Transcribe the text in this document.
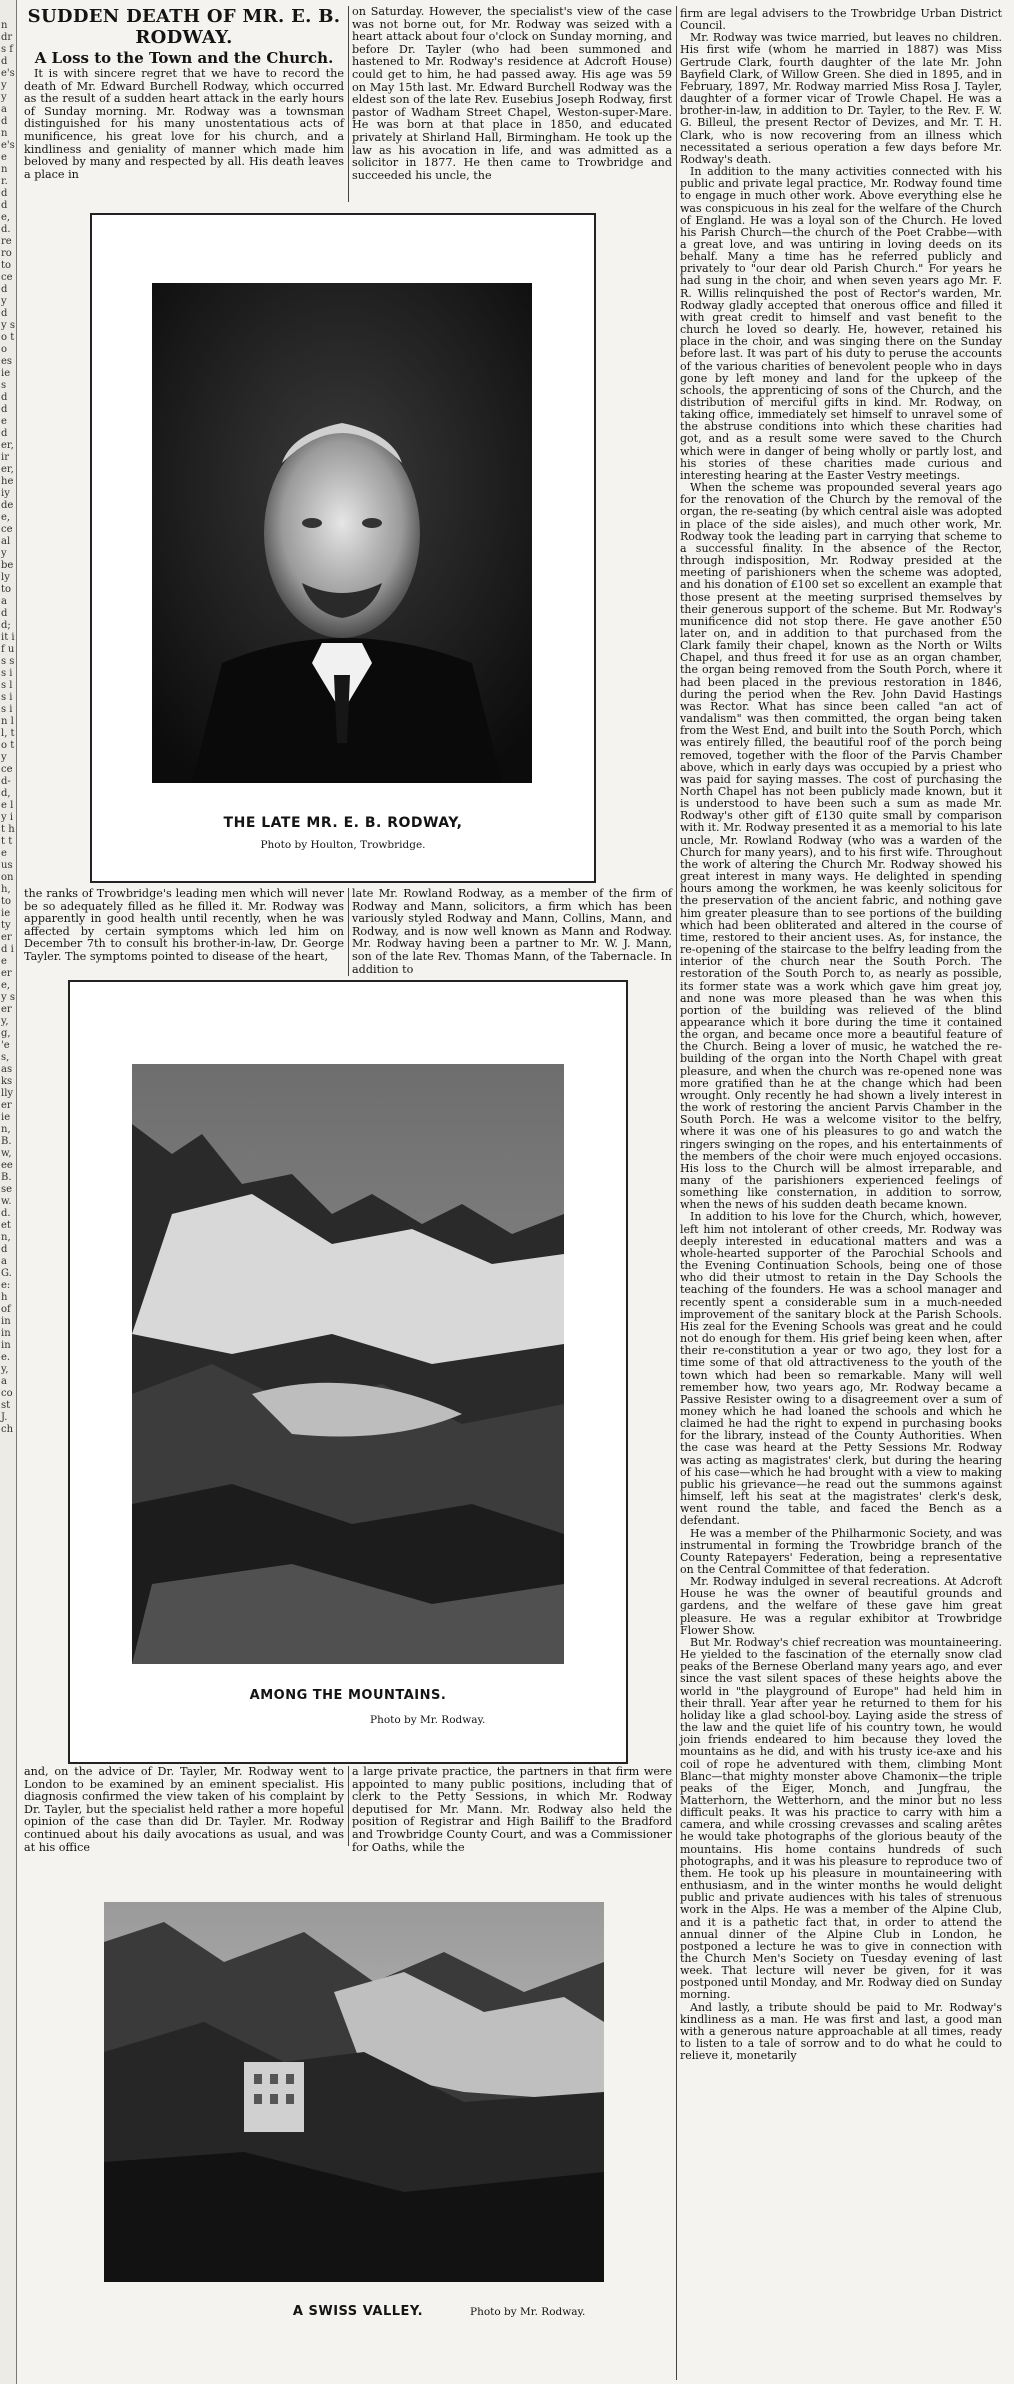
n dr s f d e's y y a d n e's e n r. d d e, d. re ro to ce d y d y so to es ie s d d e d er, ir er, he iy de e, ce al y be ly to a d d; it if us ss is ls is in ll, to ty ce d- d, e ly it ht te us on h, to ie ty er d ie er e, y s er y, g, 'e s, as ks lly er ie n, B. w, ee B. se w. d. et n, d a G. e: h of in in in e. y, a cost J. ch

SUDDEN DEATH OF MR. E. B. RODWAY.

A Loss to the Town and the Church.

It is with sincere regret that we have to record the death of Mr. Edward Burchell Rodway, which occurred as the result of a sudden heart attack in the early hours of Sunday morning. Mr. Rodway was a townsman distinguished for his many unostentatious acts of munificence, his great love for his church, and a kindliness and geniality of manner which made him beloved by many and respected by all. His death leaves a place in

on Saturday. However, the specialist's view of the case was not borne out, for Mr. Rodway was seized with a heart attack about four o'clock on Sunday morning, and before Dr. Tayler (who had been summoned and hastened to Mr. Rodway's residence at Adcroft House) could get to him, he had passed away. His age was 59 on May 15th last. Mr. Edward Burchell Rodway was the eldest son of the late Rev. Eusebius Joseph Rodway, first pastor of Wadham Street Chapel, Weston-super-Mare. He was born at that place in 1850, and educated privately at Shirland Hall, Birmingham. He took up the law as his avocation in life, and was admitted as a solicitor in 1877. He then came to Trowbridge and succeeded his uncle, the

THE LATE MR. E. B. RODWAY,
Photo by Houlton, Trowbridge.

the ranks of Trowbridge's leading men which will never be so adequately filled as he filled it. Mr. Rodway was apparently in good health until recently, when he was affected by certain symptoms which led him on December 7th to consult his brother-in-law, Dr. George Tayler. The symptoms pointed to disease of the heart,

late Mr. Rowland Rodway, as a member of the firm of Rodway and Mann, solicitors, a firm which has been variously styled Rodway and Mann, Collins, Mann, and Rodway, and is now well known as Mann and Rodway. Mr. Rodway having been a partner to Mr. W. J. Mann, son of the late Rev. Thomas Mann, of the Tabernacle. In addition to

AMONG THE MOUNTAINS.
Photo by Mr. Rodway.

and, on the advice of Dr. Tayler, Mr. Rodway went to London to be examined by an eminent specialist. His diagnosis confirmed the view taken of his complaint by Dr. Tayler, but the specialist held rather a more hopeful opinion of the case than did Dr. Tayler. Mr. Rodway continued about his daily avocations as usual, and was at his office

a large private practice, the partners in that firm were appointed to many public positions, including that of clerk to the Petty Sessions, in which Mr. Rodway deputised for Mr. Mann. Mr. Rodway also held the position of Registrar and High Bailiff to the Bradford and Trowbridge County Court, and was a Commissioner for Oaths, while the

A SWISS VALLEY.	Photo by Mr. Rodway.

firm are legal advisers to the Trowbridge Urban District Council.

Mr. Rodway was twice married, but leaves no children. His first wife (whom he married in 1887) was Miss Gertrude Clark, fourth daughter of the late Mr. John Bayfield Clark, of Willow Green. She died in 1895, and in February, 1897, Mr. Rodway married Miss Rosa J. Tayler, daughter of a former vicar of Trowle Chapel. He was a brother-in-law, in addition to Dr. Tayler, to the Rev. F. W. G. Billeul, the present Rector of Devizes, and Mr. T. H. Clark, who is now recovering from an illness which necessitated a serious operation a few days before Mr. Rodway's death.

In addition to the many activities connected with his public and private legal practice, Mr. Rodway found time to engage in much other work. Above everything else he was conspicuous in his zeal for the welfare of the Church of England. He was a loyal son of the Church. He loved his Parish Church—the church of the Poet Crabbe—with a great love, and was untiring in loving deeds on its behalf. Many a time has he referred publicly and privately to "our dear old Parish Church." For years he had sung in the choir, and when seven years ago Mr. F. R. Willis relinquished the post of Rector's warden, Mr. Rodway gladly accepted that onerous office and filled it with great credit to himself and vast benefit to the church he loved so dearly. He, however, retained his place in the choir, and was singing there on the Sunday before last. It was part of his duty to peruse the accounts of the various charities of benevolent people who in days gone by left money and land for the upkeep of the schools, the apprenticing of sons of the Church, and the distribution of merciful gifts in kind. Mr. Rodway, on taking office, immediately set himself to unravel some of the abstruse conditions into which these charities had got, and as a result some were saved to the Church which were in danger of being wholly or partly lost, and his stories of these charities made curious and interesting hearing at the Easter Vestry meetings.

When the scheme was propounded several years ago for the renovation of the Church by the removal of the organ, the re-seating (by which central aisle was adopted in place of the side aisles), and much other work, Mr. Rodway took the leading part in carrying that scheme to a successful finality. In the absence of the Rector, through indisposition, Mr. Rodway presided at the meeting of parishioners when the scheme was adopted, and his donation of £100 set so excellent an example that those present at the meeting surprised themselves by their generous support of the scheme. But Mr. Rodway's munificence did not stop there. He gave another £50 later on, and in addition to that purchased from the Clark family their chapel, known as the North or Wilts Chapel, and thus freed it for use as an organ chamber, the organ being removed from the South Porch, where it had been placed in the previous restoration in 1846, during the period when the Rev. John David Hastings was Rector. What has since been called "an act of vandalism" was then committed, the organ being taken from the West End, and built into the South Porch, which was entirely filled, the beautiful roof of the porch being removed, together with the floor of the Parvis Chamber above, which in early days was occupied by a priest who was paid for saying masses. The cost of purchasing the North Chapel has not been publicly made known, but it is understood to have been such a sum as made Mr. Rodway's other gift of £130 quite small by comparison with it. Mr. Rodway presented it as a memorial to his late uncle, Mr. Rowland Rodway (who was a warden of the Church for many years), and to his first wife. Throughout the work of altering the Church Mr. Rodway showed his great interest in many ways. He delighted in spending hours among the workmen, he was keenly solicitous for the preservation of the ancient fabric, and nothing gave him greater pleasure than to see portions of the building which had been obliterated and altered in the course of time, restored to their ancient uses. As, for instance, the re-opening of the staircase to the belfry leading from the interior of the church near the South Porch. The restoration of the South Porch to, as nearly as possible, its former state was a work which gave him great joy, and none was more pleased than he was when this portion of the building was relieved of the blind appearance which it bore during the time it contained the organ, and became once more a beautiful feature of the Church. Being a lover of music, he watched the re-building of the organ into the North Chapel with great pleasure, and when the church was re-opened none was more gratified than he at the change which had been wrought. Only recently he had shown a lively interest in the work of restoring the ancient Parvis Chamber in the South Porch. He was a welcome visitor to the belfry, where it was one of his pleasures to go and watch the ringers swinging on the ropes, and his entertainments of the members of the choir were much enjoyed occasions. His loss to the Church will be almost irreparable, and many of the parishioners experienced feelings of something like consternation, in addition to sorrow, when the news of his sudden death became known.

In addition to his love for the Church, which, however, left him not intolerant of other creeds, Mr. Rodway was deeply interested in educational matters and was a whole-hearted supporter of the Parochial Schools and the Evening Continuation Schools, being one of those who did their utmost to retain in the Day Schools the teaching of the founders. He was a school manager and recently spent a considerable sum in a much-needed improvement of the sanitary block at the Parish Schools. His zeal for the Evening Schools was great and he could not do enough for them. His grief being keen when, after their re-constitution a year or two ago, they lost for a time some of that old attractiveness to the youth of the town which had been so remarkable. Many will well remember how, two years ago, Mr. Rodway became a Passive Resister owing to a disagreement over a sum of money which he had loaned the schools and which he claimed he had the right to expend in purchasing books for the library, instead of the County Authorities. When the case was heard at the Petty Sessions Mr. Rodway was acting as magistrates' clerk, but during the hearing of his case—which he had brought with a view to making public his grievance—he read out the summons against himself, left his seat at the magistrates' clerk's desk, went round the table, and faced the Bench as a defendant.

He was a member of the Philharmonic Society, and was instrumental in forming the Trowbridge branch of the County Ratepayers' Federation, being a representative on the Central Committee of that federation.

Mr. Rodway indulged in several recreations. At Adcroft House he was the owner of beautiful grounds and gardens, and the welfare of these gave him great pleasure. He was a regular exhibitor at Trowbridge Flower Show.

But Mr. Rodway's chief recreation was mountaineering. He yielded to the fascination of the eternally snow clad peaks of the Bernese Oberland many years ago, and ever since the vast silent spaces of these heights above the world in "the playground of Europe" had held him in their thrall. Year after year he returned to them for his holiday like a glad school-boy. Laying aside the stress of the law and the quiet life of his country town, he would join friends endeared to him because they loved the mountains as he did, and with his trusty ice-axe and his coil of rope he adventured with them, climbing Mont Blanc—that mighty monster above Chamonix—the triple peaks of the Eiger, Monch, and Jungfrau, the Matterhorn, the Wetterhorn, and the minor but no less difficult peaks. It was his practice to carry with him a camera, and while crossing crevasses and scaling arêtes he would take photographs of the glorious beauty of the mountains. His home contains hundreds of such photographs, and it was his pleasure to reproduce two of them. He took up his pleasure in mountaineering with enthusiasm, and in the winter months he would delight public and private audiences with his tales of strenuous work in the Alps. He was a member of the Alpine Club, and it is a pathetic fact that, in order to attend the annual dinner of the Alpine Club in London, he postponed a lecture he was to give in connection with the Church Men's Society on Tuesday evening of last week. That lecture will never be given, for it was postponed until Monday, and Mr. Rodway died on Sunday morning.

And lastly, a tribute should be paid to Mr. Rodway's kindliness as a man. He was first and last, a good man with a generous nature approachable at all times, ready to listen to a tale of sorrow and to do what he could to relieve it, monetarily
